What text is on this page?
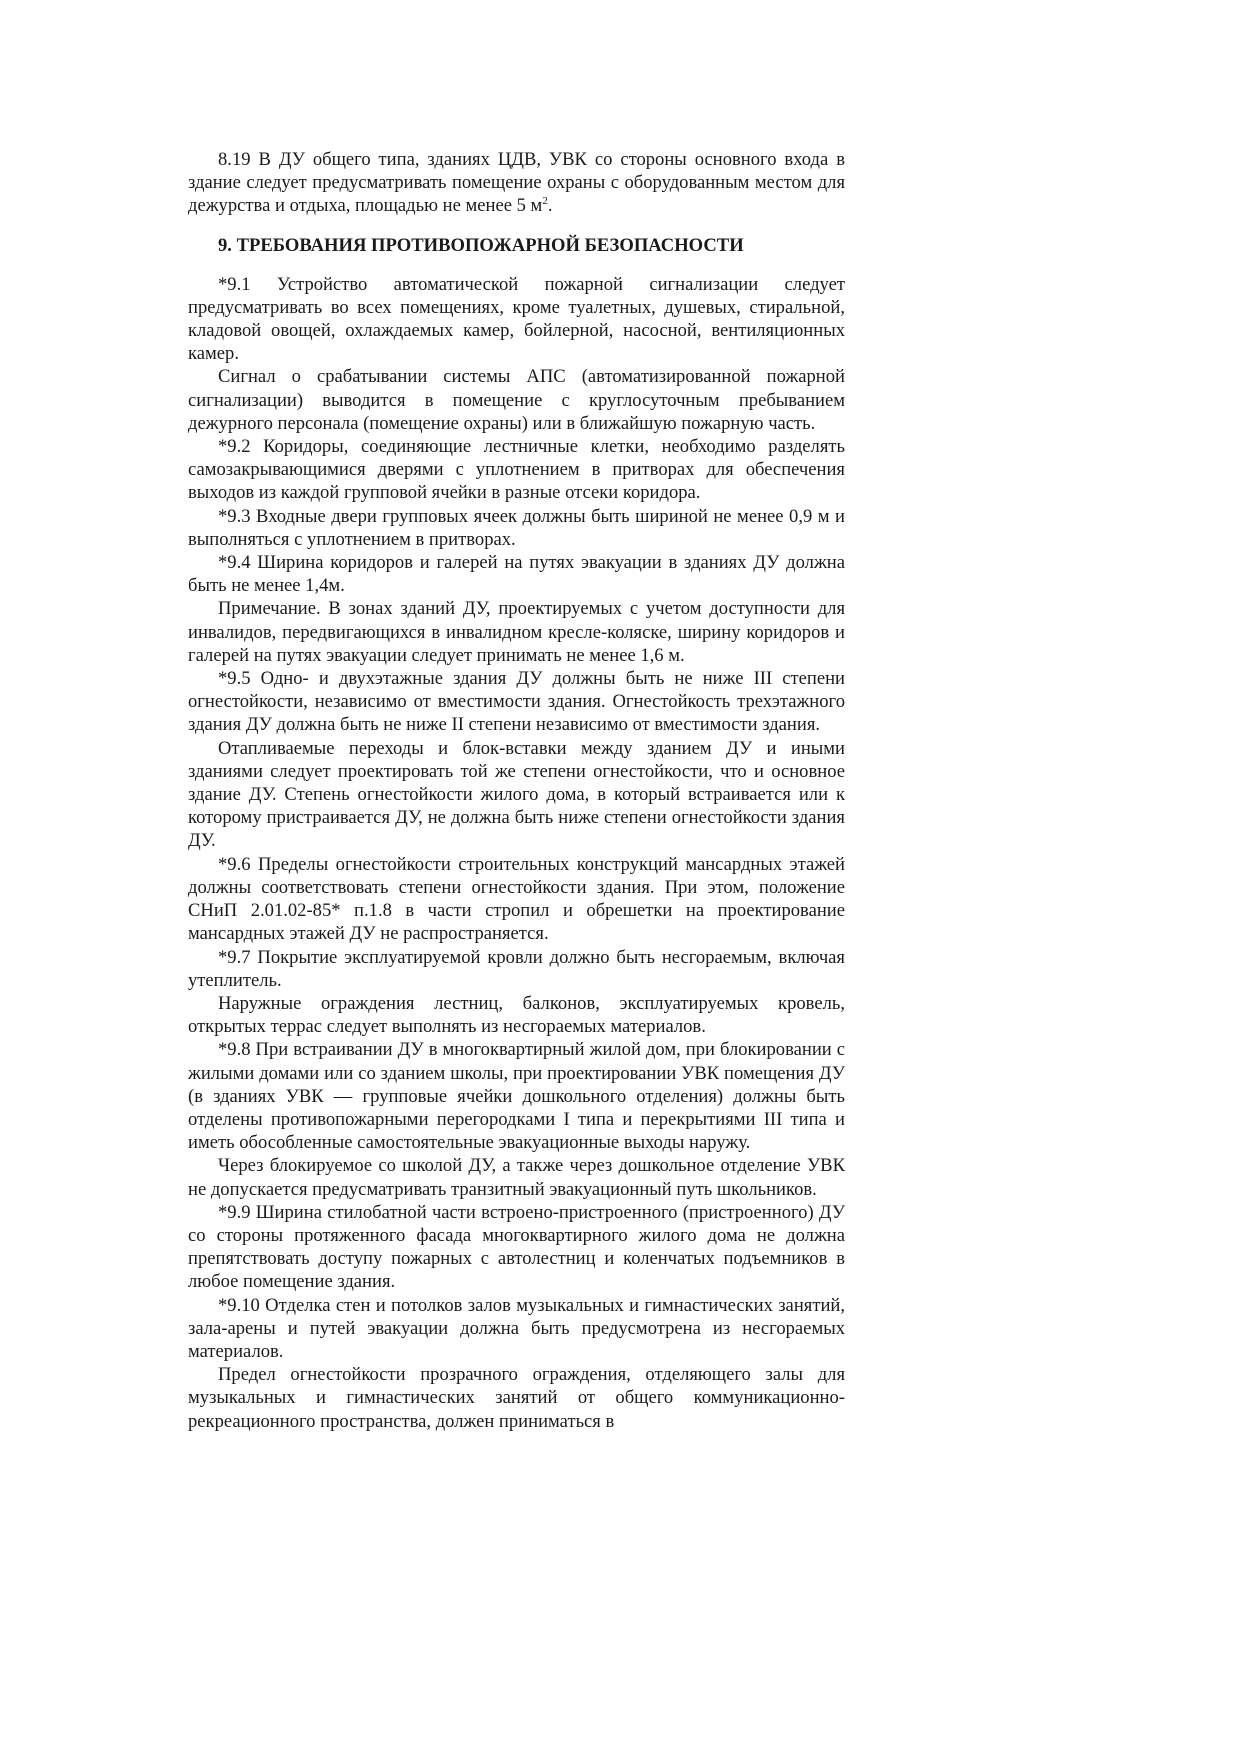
8.19 В ДУ общего типа, зданиях ЦДВ, УВК со стороны основного входа в здание следует предусматривать помещение охраны с оборудованным местом для дежурства и отдыха, площадью не менее 5 $м^2$.

9. ТРЕБОВАНИЯ ПРОТИВОПОЖАРНОЙ БЕЗОПАСНОСТИ

*9.1 Устройство автоматической пожарной сигнализации следует предусматривать во всех помещениях, кроме туалетных, душевых, стиральной, кладовой овощей, охлаждаемых камер, бойлерной, насосной, вентиляционных камер.

Сигнал о срабатывании системы АПС (автоматизированной пожарной сигнализации) выводится в помещение с круглосуточным пребыванием дежурного персонала (помещение охраны) или в ближайшую пожарную часть.

*9.2 Коридоры, соединяющие лестничные клетки, необходимо разделять самозакрывающимися дверями с уплотнением в притворах для обеспечения выходов из каждой групповой ячейки в разные отсеки коридора.

*9.3 Входные двери групповых ячеек должны быть шириной не менее 0,9 м и выполняться с уплотнением в притворах.

*9.4 Ширина коридоров и галерей на путях эвакуации в зданиях ДУ должна быть не менее 1,4м.

Примечание. В зонах зданий ДУ, проектируемых с учетом доступности для инвалидов, передвигающихся в инвалидном кресле-коляске, ширину коридоров и галерей на путях эвакуации следует принимать не менее 1,6 м.

*9.5 Одно- и двухэтажные здания ДУ должны быть не ниже III степени огнестойкости, независимо от вместимости здания. Огнестойкость трехэтажного здания ДУ должна быть не ниже II степени независимо от вместимости здания.

Отапливаемые переходы и блок-вставки между зданием ДУ и иными зданиями следует проектировать той же степени огнестойкости, что и основное здание ДУ. Степень огнестойкости жилого дома, в который встраивается или к которому пристраивается ДУ, не должна быть ниже степени огнестойкости здания ДУ.

*9.6 Пределы огнестойкости строительных конструкций мансардных этажей должны соответствовать степени огнестойкости здания. При этом, положение СНиП 2.01.02-85* п.1.8 в части стропил и обрешетки на проектирование мансардных этажей ДУ не распространяется.

*9.7 Покрытие эксплуатируемой кровли должно быть несгораемым, включая утеплитель.

Наружные ограждения лестниц, балконов, эксплуатируемых кровель, открытых террас следует выполнять из несгораемых материалов.

*9.8 При встраивании ДУ в многоквартирный жилой дом, при блокировании с жилыми домами или со зданием школы, при проектировании УВК помещения ДУ (в зданиях УВК — групповые ячейки дошкольного отделения) должны быть отделены противопожарными перегородками I типа и перекрытиями III типа и иметь обособленные самостоятельные эвакуационные выходы наружу.

Через блокируемое со школой ДУ, а также через дошкольное отделение УВК не допускается предусматривать транзитный эвакуационный путь школьников.

*9.9 Ширина стилобатной части встроено-пристроенного (пристроенного) ДУ со стороны протяженного фасада многоквартирного жилого дома не должна препятствовать доступу пожарных с автолестниц и коленчатых подъемников в любое помещение здания.

*9.10 Отделка стен и потолков залов музыкальных и гимнастических занятий, зала-арены и путей эвакуации должна быть предусмотрена из несгораемых материалов.

Предел огнестойкости прозрачного ограждения, отделяющего залы для музыкальных и гимнастических занятий от общего коммуникационно-рекреационного пространства, должен приниматься в
